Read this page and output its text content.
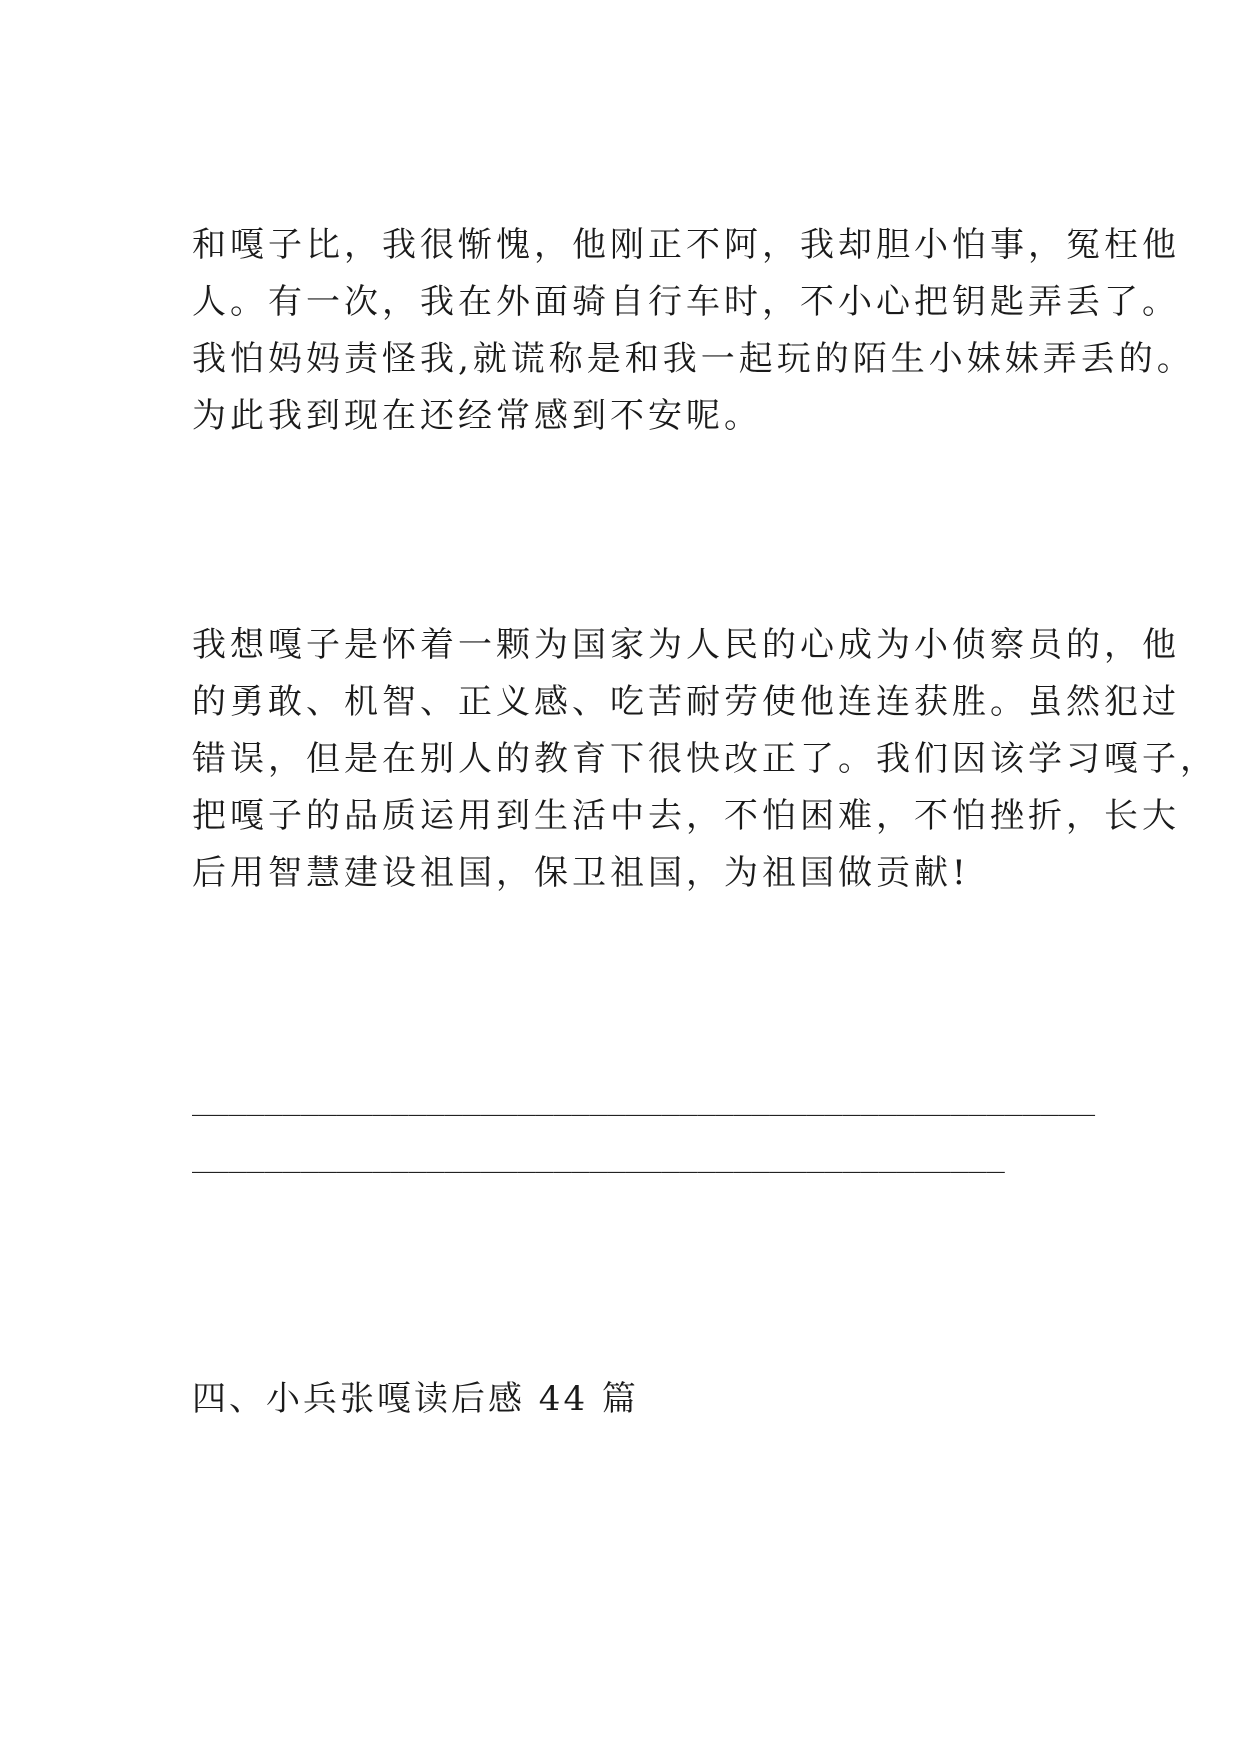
和嘎子比，我很惭愧，他刚正不阿，我却胆小怕事，冤枉他
人。有一次，我在外面骑自行车时，不小心把钥匙弄丢了。
我怕妈妈责怪我,就谎称是和我一起玩的陌生小妹妹弄丢的。
为此我到现在还经常感到不安呢。
我想嘎子是怀着一颗为国家为人民的心成为小侦察员的，他
的勇敢、机智、正义感、吃苦耐劳使他连连获胜。虽然犯过
错误，但是在别人的教育下很快改正了。我们因该学习嘎子，
把嘎子的品质运用到生活中去，不怕困难，不怕挫折，长大
后用智慧建设祖国，保卫祖国，为祖国做贡献!
__________________________________________________
_____________________________________________
四、小兵张嘎读后感 44 篇
